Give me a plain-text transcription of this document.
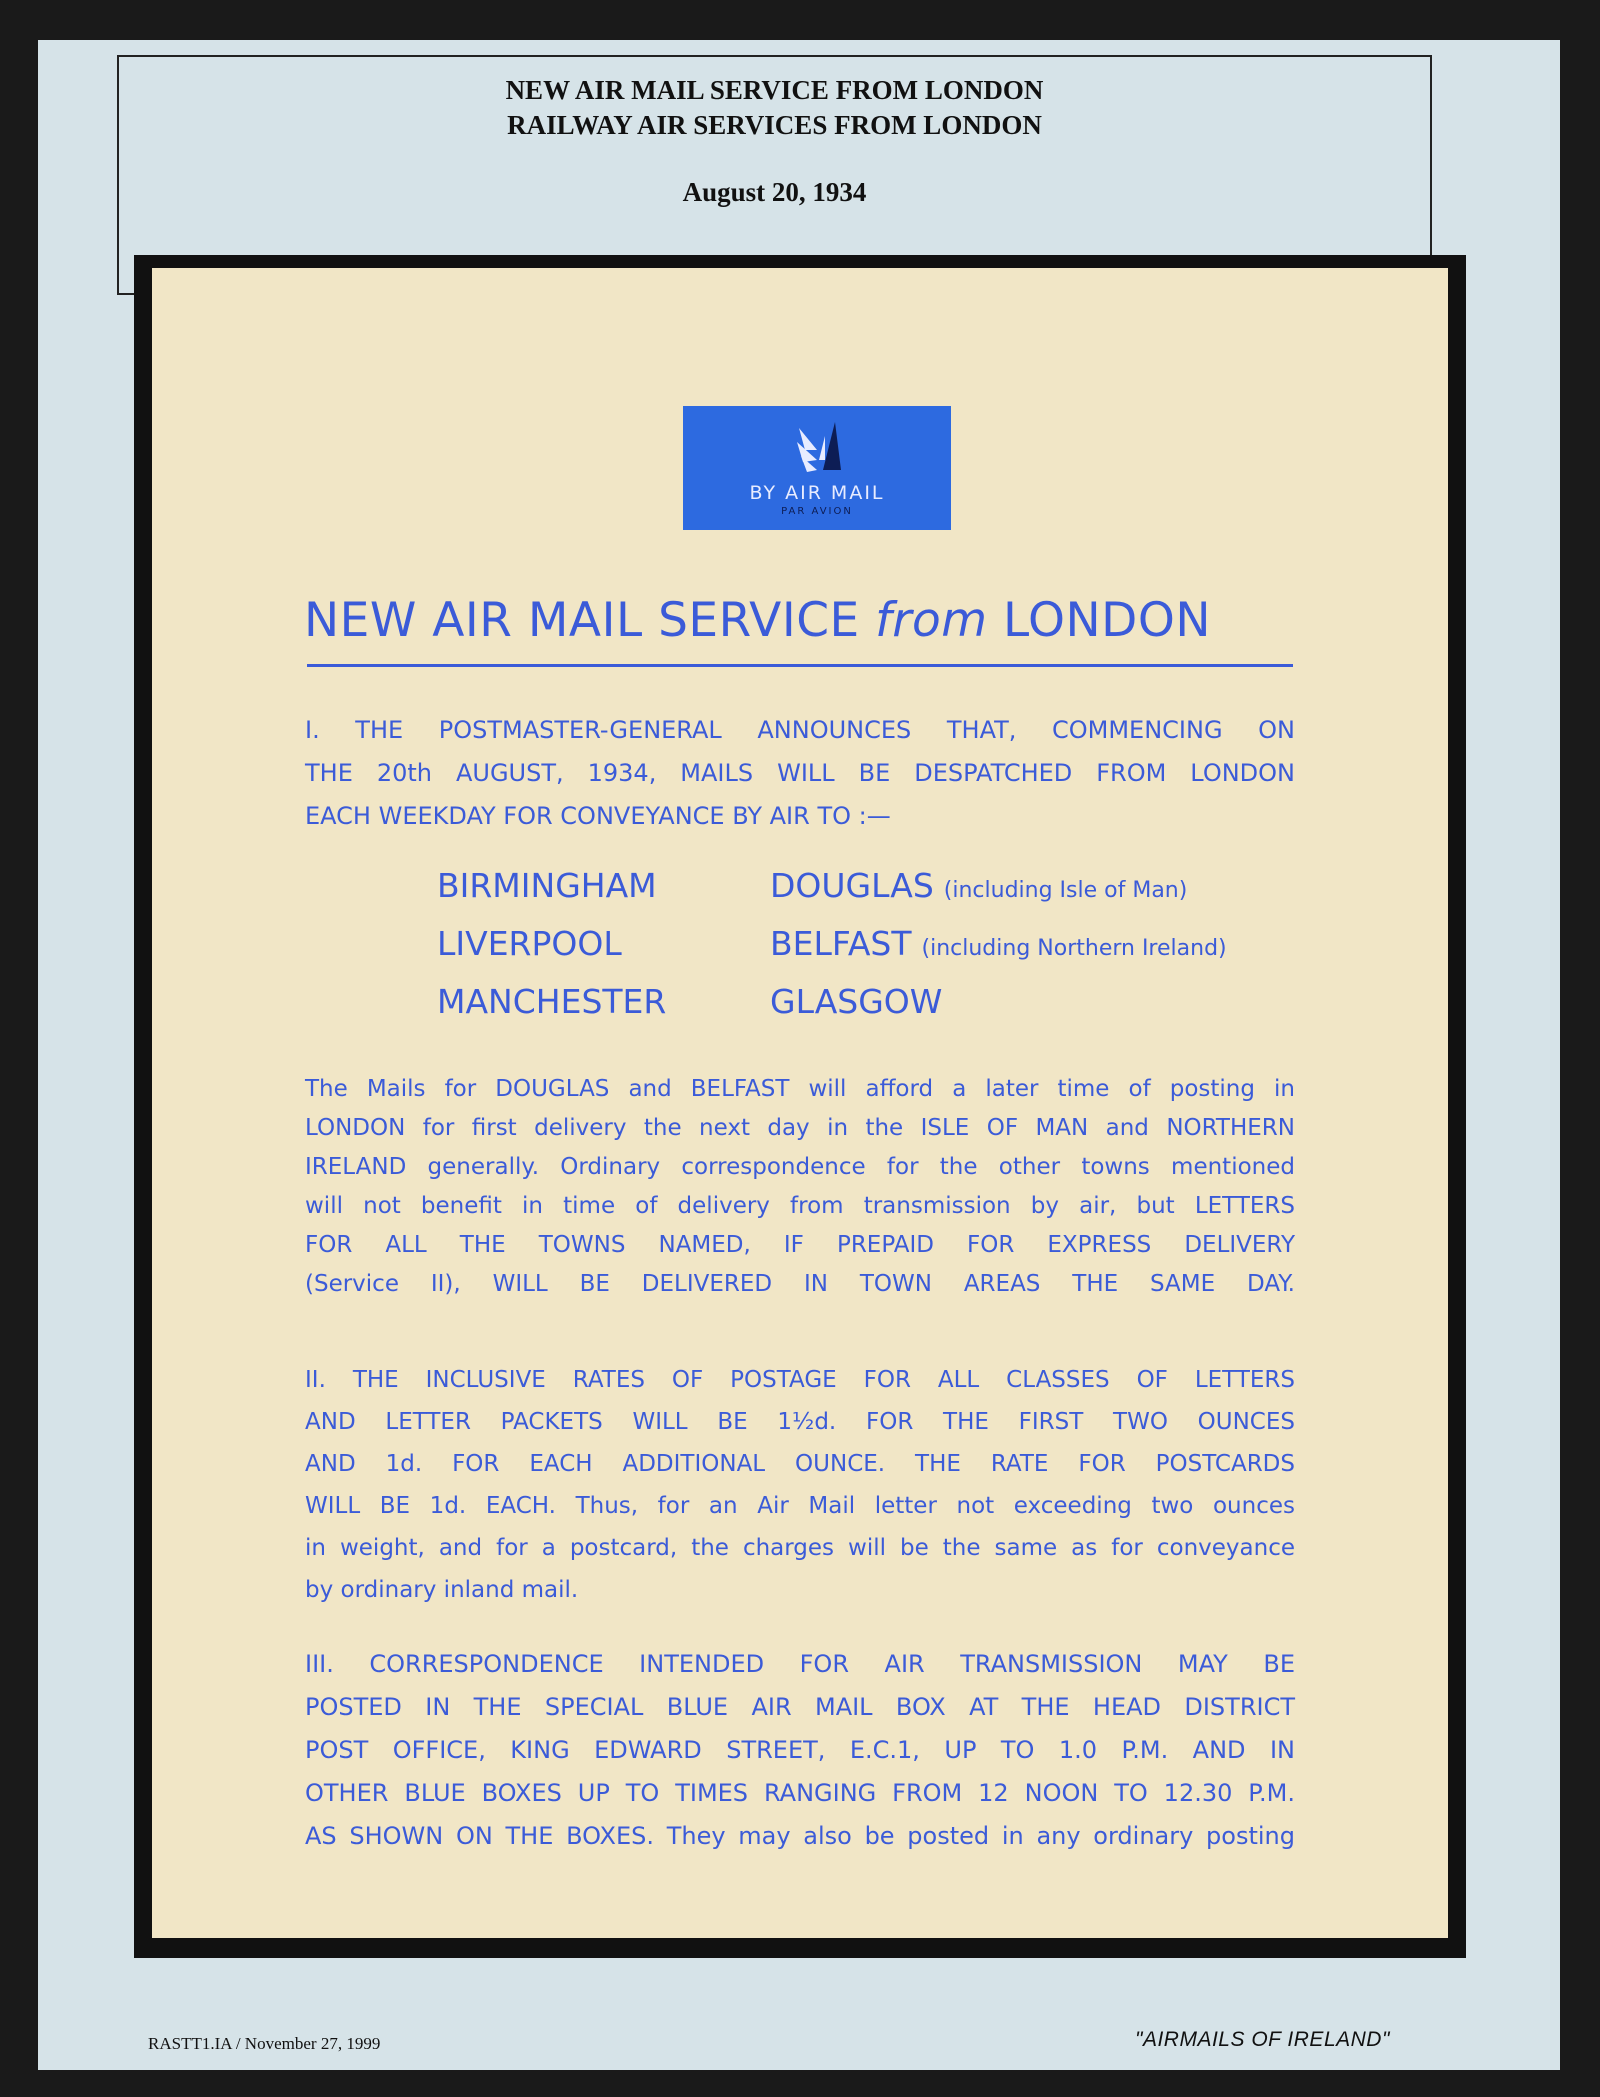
NEW AIR MAIL SERVICE FROM LONDON
RAILWAY AIR SERVICES FROM LONDON
August 20, 1934
BY AIR MAIL
PAR AVION
NEW AIR MAIL SERVICE from LONDON
I. THE POSTMASTER-GENERAL ANNOUNCES THAT, COMMENCING ON
THE 20th AUGUST, 1934, MAILS WILL BE DESPATCHED FROM LONDON
EACH WEEKDAY FOR CONVEYANCE BY AIR TO :—
BIRMINGHAM	DOUGLAS (including Isle of Man)
LIVERPOOL	BELFAST (including Northern Ireland)
MANCHESTER	GLASGOW
The Mails for DOUGLAS and BELFAST will afford a later time of posting in
LONDON for first delivery the next day in the ISLE OF MAN and NORTHERN
IRELAND generally. Ordinary correspondence for the other towns mentioned
will not benefit in time of delivery from transmission by air, but LETTERS
FOR ALL THE TOWNS NAMED, IF PREPAID FOR EXPRESS DELIVERY
(Service II), WILL BE DELIVERED IN TOWN AREAS THE SAME DAY.
II. THE INCLUSIVE RATES OF POSTAGE FOR ALL CLASSES OF LETTERS
AND LETTER PACKETS WILL BE 1½d. FOR THE FIRST TWO OUNCES
AND 1d. FOR EACH ADDITIONAL OUNCE. THE RATE FOR POSTCARDS
WILL BE 1d. EACH. Thus, for an Air Mail letter not exceeding two ounces
in weight, and for a postcard, the charges will be the same as for conveyance
by ordinary inland mail.
III. CORRESPONDENCE INTENDED FOR AIR TRANSMISSION MAY BE
POSTED IN THE SPECIAL BLUE AIR MAIL BOX AT THE HEAD DISTRICT
POST OFFICE, KING EDWARD STREET, E.C.1, UP TO 1.0 P.M. AND IN
OTHER BLUE BOXES UP TO TIMES RANGING FROM 12 NOON TO 12.30 P.M.
AS SHOWN ON THE BOXES. They may also be posted in any ordinary posting
RASTT1.IA / November 27, 1999	"AIRMAILS OF IRELAND"
